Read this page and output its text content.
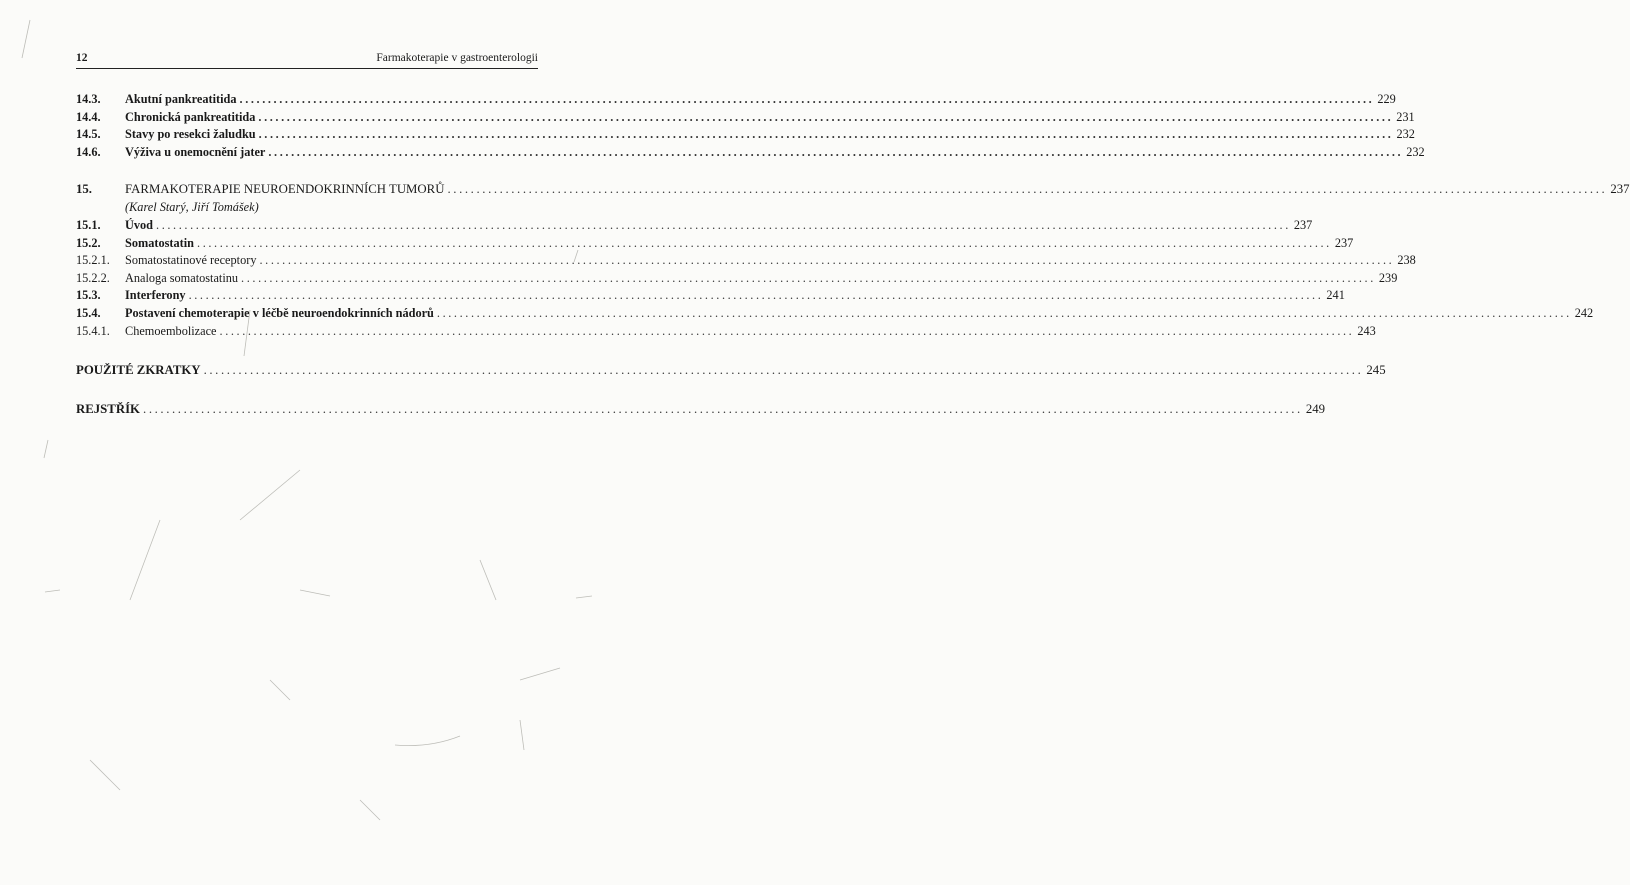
12	Farmakoterapie v gastroenterologii
14.3.	Akutní pankreatitida ........................................................................................................................................................................................................ 229
14.4.	Chronická pankreatitida ........................................................................................................................................................................................................ 231
14.5.	Stavy po resekci žaludku ........................................................................................................................................................................................................ 232
14.6.	Výživa u onemocnění jater ........................................................................................................................................................................................................ 232
15.	FARMAKOTERAPIE NEUROENDOKRINNÍCH TUMORŮ ........................................................................................................................................................................................................ 237
(Karel Starý, Jiří Tomášek)
15.1.	Úvod ........................................................................................................................................................................................................ 237
15.2.	Somatostatin ........................................................................................................................................................................................................ 237
15.2.1.	Somatostatinové receptory ........................................................................................................................................................................................................ 238
15.2.2.	Analoga somatostatinu ........................................................................................................................................................................................................ 239
15.3.	Interferony ........................................................................................................................................................................................................ 241
15.4.	Postavení chemoterapie v léčbě neuroendokrinních nádorů ........................................................................................................................................................................................................ 242
15.4.1.	Chemoembolizace ........................................................................................................................................................................................................ 243
POUŽITÉ ZKRATKY ........................................................................................................................................................................................................ 245
REJSTŘÍK ........................................................................................................................................................................................................ 249
